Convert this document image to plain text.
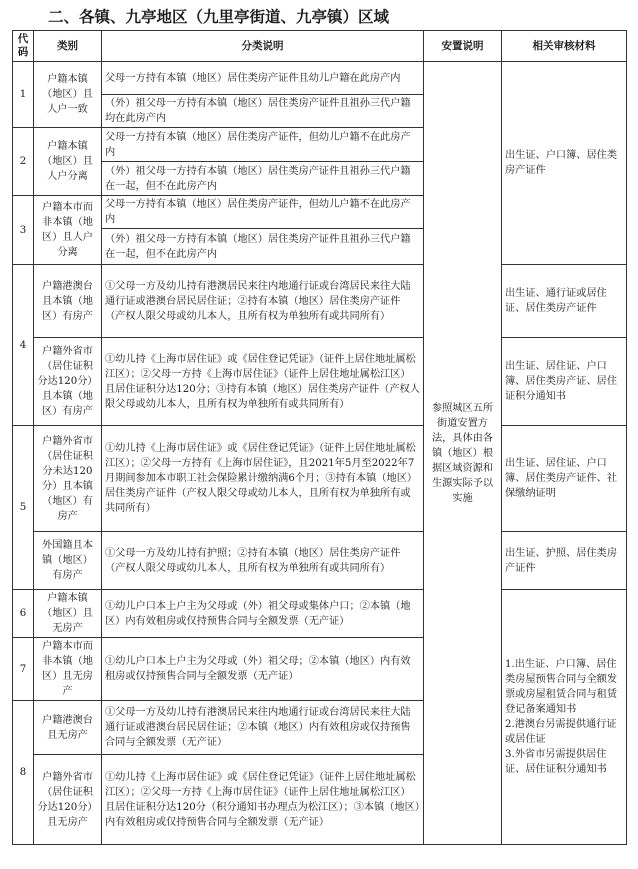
二、各镇、九亭地区（九里亭街道、九亭镇）区域
代码	类别	分类说明	安置说明	相关审核材料
1	户籍本镇（地区）且人户一致	父母一方持有本镇（地区）居住类房产证件且幼儿户籍在此房产内	参照城区五所街道安置方法，具体由各镇（地区）根据区域资源和生源实际予以实施	出生证、户口簿、居住类房产证件
		（外）祖父母一方持有本镇（地区）居住类房产证件且祖孙三代户籍均在此房产内		
2	户籍本镇（地区）且人户分离	父母一方持有本镇（地区）居住类房产证件，但幼儿户籍不在此房产内		
		（外）祖父母一方持有本镇（地区）居住类房产证件且祖孙三代户籍在一起，但不在此房产内		
3	户籍本市而非本镇（地区）且人户分离	父母一方持有本镇（地区）居住类房产证件，但幼儿户籍不在此房产内		
		（外）祖父母一方持有本镇（地区）居住类房产证件且祖孙三代户籍在一起，但不在此房产内		
4	户籍港澳台且本镇（地区）有房产	①父母一方及幼儿持有港澳居民来往内地通行证或台湾居民来往大陆通行证或港澳台居民居住证；②持有本镇（地区）居住类房产证件（产权人限父母或幼儿本人，且所有权为单独所有或共同所有）		出生证、通行证或居住证、居住类房产证件
	户籍外省市（居住证积分达120分）且本镇（地区）有房产	①幼儿持《上海市居住证》或《居住登记凭证》（证件上居住地址属松江区）；②父母一方持《上海市居住证》（证件上居住地址属松江区）且居住证积分达120分；③持有本镇（地区）居住类房产证件（产权人限父母或幼儿本人，且所有权为单独所有或共同所有）		出生证、居住证、户口簿、居住类房产证、居住证积分通知书
5	户籍外省市（居住证积分未达120分）且本镇（地区）有房产	①幼儿持《上海市居住证》或《居住登记凭证》（证件上居住地址属松江区）；②父母一方持有《上海市居住证》，且2021年5月至2022年7月期间参加本市职工社会保险累计缴纳满6个月；③持有本镇（地区）居住类房产证件（产权人限父母或幼儿本人，且所有权为单独所有或共同所有）		出生证、居住证、户口簿、居住类房产证件、社保缴纳证明
	外国籍且本镇（地区）有房产	①父母一方及幼儿持有护照；②持有本镇（地区）居住类房产证件（产权人限父母或幼儿本人，且所有权为单独所有或共同所有）		出生证、护照、居住类房产证件
6	户籍本镇（地区）且无房产	①幼儿户口本上户主为父母或（外）祖父母或集体户口；②本镇（地区）内有效租房或仅持预售合同与全额发票（无产证）		1.出生证、户口簿、居住类房屋预售合同与全额发票或房屋租赁合同与租赁登记备案通知书
2.港澳台另需提供通行证或居住证
3.外省市另需提供居住证、居住证积分通知书
7	户籍本市而非本镇（地区）且无房产	①幼儿户口本上户主为父母或（外）祖父母；②本镇（地区）内有效租房或仅持预售合同与全额发票（无产证）		
8	户籍港澳台且无房产	①父母一方及幼儿持有港澳居民来往内地通行证或台湾居民来往大陆通行证或港澳台居民居住证；②本镇（地区）内有效租房或仅持预售合同与全额发票（无产证）		
	户籍外省市（居住证积分达120分）且无房产	①幼儿持《上海市居住证》或《居住登记凭证》（证件上居住地址属松江区）；②父母一方持《上海市居住证》（证件上居住地址属松江区）且居住证积分达120分（积分通知书办理点为松江区）；③本镇（地区）内有效租房或仅持预售合同与全额发票（无产证）		
